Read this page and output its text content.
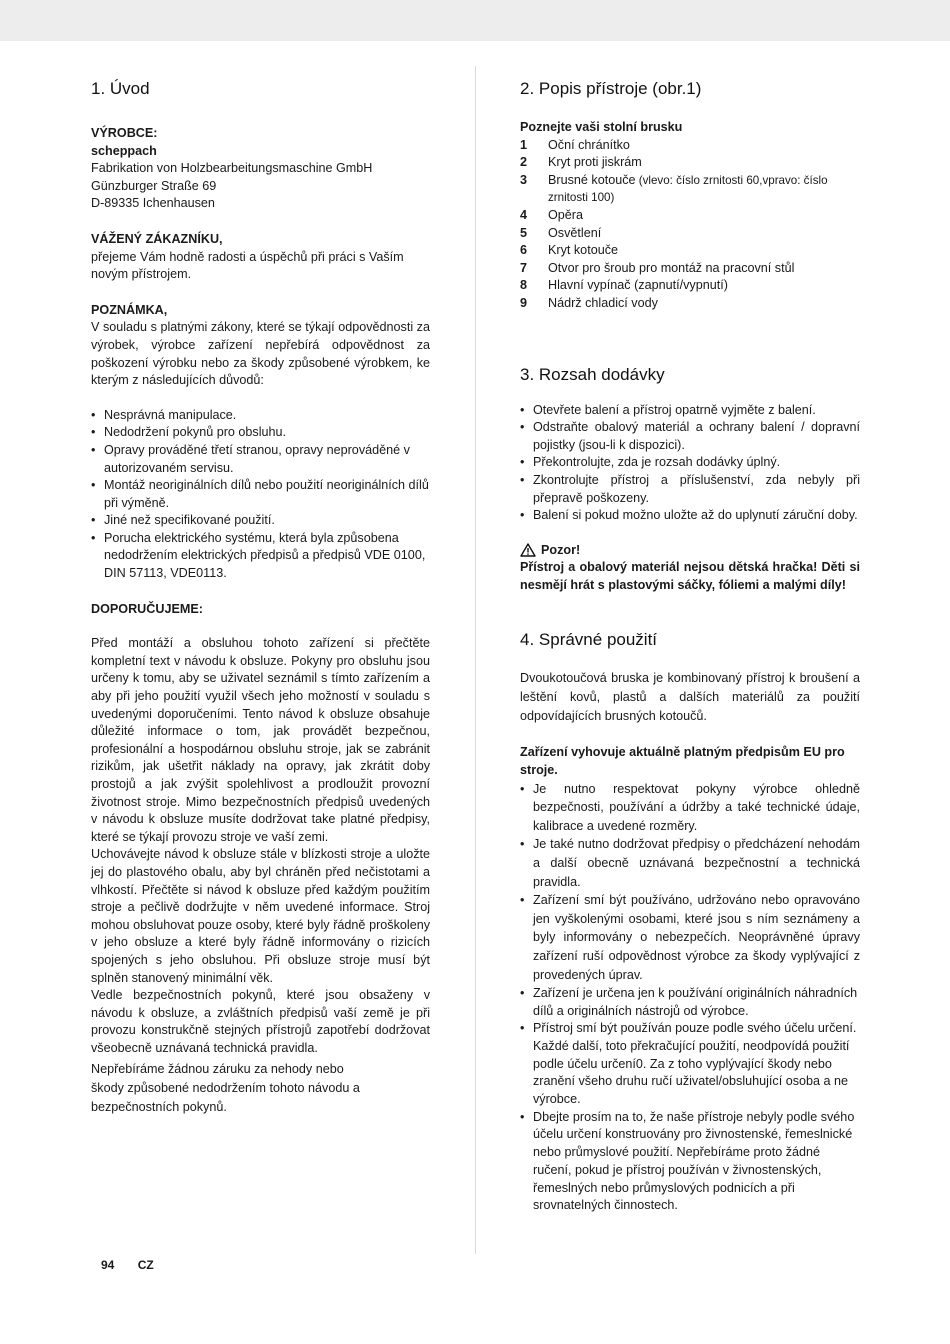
1. Úvod

VÝROBCE:

scheppach

Fabrikation von Holzbearbeitungsmaschine GmbH

Günzburger Straße 69

D-89335 Ichenhausen

VÁŽENÝ ZÁKAZNÍKU,

přejeme Vám hodně radosti a úspěchů při práci s Vaším novým přístrojem.

POZNÁMKA,

V souladu s platnými zákony, které se týkají odpovědnosti za výrobek, výrobce zařízení nepřebírá odpovědnost za poškození výrobku nebo za škody způsobené výrobkem, ke kterým z následujících důvodů:

• Nesprávná manipulace.
• Nedodržení pokynů pro obsluhu.
• Opravy prováděné třetí stranou, opravy neprováděné v autorizovaném servisu.
• Montáž neoriginálních dílů nebo použití neoriginálních dílů při výměně.
• Jiné než specifikované použití.
• Porucha elektrického systému, která byla způsobena nedodržením elektrických předpisů a předpisů VDE 0100, DIN 57113, VDE0113.

DOPORUČUJEME:

Před montáží a obsluhou tohoto zařízení si přečtěte kompletní text v návodu k obsluze. Pokyny pro obsluhu jsou určeny k tomu, aby se uživatel seznámil s tímto zařízením a aby při jeho použití využil všech jeho možností v souladu s uvedenými doporučeními. Tento návod k obsluze obsahuje důležité informace o tom, jak provádět bezpečnou, profesionální a hospodárnou obsluhu stroje, jak se zabránit rizikům, jak ušetřit náklady na opravy, jak zkrátit doby prostojů a jak zvýšit spolehlivost a prodloužit provozní životnost stroje. Mimo bezpečnostních předpisů uvedených v návodu k obsluze musíte dodržovat take platné předpisy, které se týkají provozu stroje ve vaší zemi.

Uchovávejte návod k obsluze stále v blízkosti stroje a uložte jej do plastového obalu, aby byl chráněn před nečistotami a vlhkostí. Přečtěte si návod k obsluze před každým použitím stroje a pečlivě dodržujte v něm uvedené informace. Stroj mohou obsluhovat pouze osoby, které byly řádně proškoleny v jeho obsluze a které byly řádně informovány o rizicích spojených s jeho obsluhou. Při obsluze stroje musí být splněn stanovený minimální věk.

Vedle bezpečnostních pokynů, které jsou obsaženy v návodu k obsluze, a zvláštních předpisů vaší země je při provozu konstrukčně stejných přístrojů zapotřebí dodržovat všeobecně uznávaná technická pravidla.

Nepřebíráme žádnou záruku za nehody nebo
škody způsobené nedodržením tohoto návodu a
bezpečnostních pokynů.
2. Popis přístroje (obr.1)

Poznejte vaši stolní brusku

1	Oční chránítko
2	Kryt proti jiskrám
3	Brusné kotouče (vlevo: číslo zrnitosti 60,vpravo: číslo zrnitosti 100)
4	Opěra
5	Osvětlení
6	Kryt kotouče
7	Otvor pro šroub pro montáž na pracovní stůl
8	Hlavní vypínač (zapnutí/vypnutí)
9	Nádrž chladicí vody
3. Rozsah dodávky
• Otevřete balení a přístroj opatrně vyjměte z balení.
• Odstraňte obalový materiál a ochrany balení / dopravní pojistky (jsou-li k dispozici).
• Překontrolujte, zda je rozsah dodávky úplný.
• Zkontrolujte přístroj a příslušenství, zda nebyly při přepravě poškozeny.
• Balení si pokud možno uložte až do uplynutí záruční doby.
Pozor!

Přístroj a obalový materiál nejsou dětská hračka! Děti si nesmějí hrát s plastovými sáčky, fóliemi a malými díly!

4. Správné použití

Dvoukotoučová bruska je kombinovaný přístroj k broušení a leštění kovů, plastů a dalších materiálů za použití odpovídajících brusných kotoučů.

Zařízení vyhovuje aktuálně platným předpisům EU pro stroje.

• Je nutno respektovat pokyny výrobce ohledně bezpečnosti, používání a údržby a také technické údaje, kalibrace a uvedené rozměry.
• Je také nutno dodržovat předpisy o předcházení nehodám a další obecně uznávaná bezpečnostní a technická pravidla.
• Zařízení smí být používáno, udržováno nebo opravováno jen vyškolenými osobami, které jsou s ním seznámeny a byly informovány o nebezpečích. Neoprávněné úpravy zařízení ruší odpovědnost výrobce za škody vyplývající z provedených úprav.
• Zařízení je určena jen k používání originálních náhradních dílů a originálních nástrojů od výrobce.
• Přístroj smí být používán pouze podle svého účelu určení. Každé další, toto překračující použití, neodpovídá použití podle účelu určení0. Za z toho vyplývající škody nebo zranění všeho druhu ručí uživatel/obsluhující osoba a ne výrobce.
• Dbejte prosím na to, že naše přístroje nebyly podle svého účelu určení konstruovány pro živnostenské, řemeslnické nebo průmyslové použití. Nepřebíráme proto žádné ručení, pokud je přístroj používán v živnostenských, řemeslných nebo průmyslových podnicích a při srovnatelných činnostech.
94 CZ
